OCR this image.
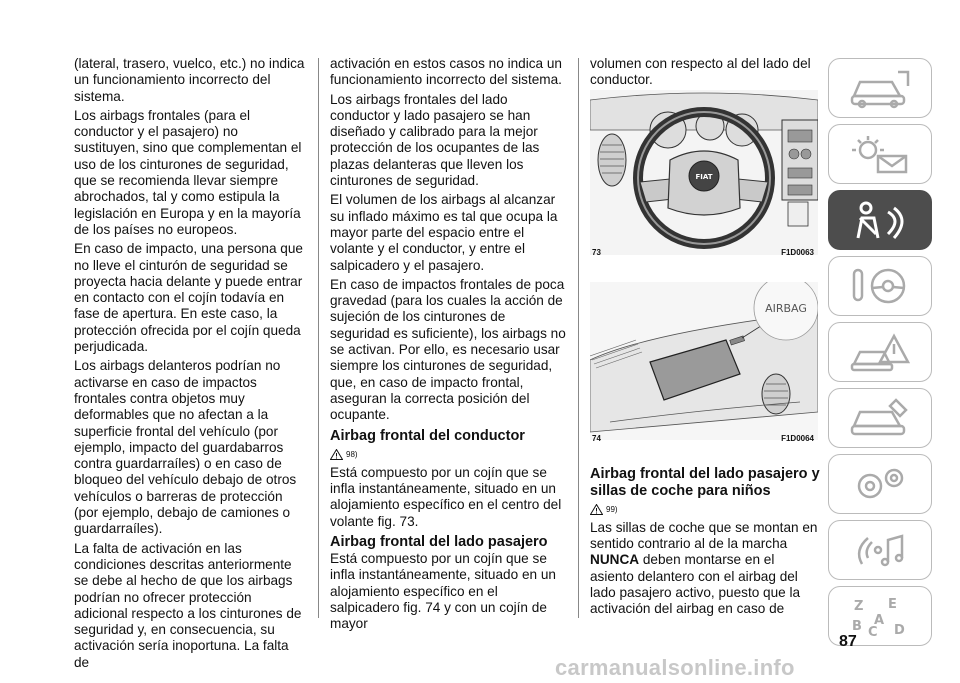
(lateral, trasero, vuelco, etc.) no indica un funcionamiento incorrecto del sistema.

Los airbags frontales (para el conductor y el pasajero) no sustituyen, sino que complementan el uso de los cinturones de seguridad, que se recomienda llevar siempre abrochados, tal y como estipula la legislación en Europa y en la mayoría de los países no europeos.

En caso de impacto, una persona que no lleve el cinturón de seguridad se proyecta hacia delante y puede entrar en contacto con el cojín todavía en fase de apertura. En este caso, la protección ofrecida por el cojín queda perjudicada.

Los airbags delanteros podrían no activarse en caso de impactos frontales contra objetos muy deformables que no afectan a la superficie frontal del vehículo (por ejemplo, impacto del guardabarros contra guardarraíles) o en caso de bloqueo del vehículo debajo de otros vehículos o barreras de protección (por ejemplo, debajo de camiones o guardarraíles).

La falta de activación en las condiciones descritas anteriormente se debe al hecho de que los airbags podrían no ofrecer protección adicional respecto a los cinturones de seguridad y, en consecuencia, su activación sería inoportuna. La falta de

activación en estos casos no indica un funcionamiento incorrecto del sistema.

Los airbags frontales del lado conductor y lado pasajero se han diseñado y calibrado para la mejor protección de los ocupantes de las plazas delanteras que lleven los cinturones de seguridad.

El volumen de los airbags al alcanzar su inflado máximo es tal que ocupa la mayor parte del espacio entre el volante y el conductor, y entre el salpicadero y el pasajero.

En caso de impactos frontales de poca gravedad (para los cuales la acción de sujeción de los cinturones de seguridad es suficiente), los airbags no se activan. Por ello, es necesario usar siempre los cinturones de seguridad, que, en caso de impacto frontal, aseguran la correcta posición del ocupante.

Airbag frontal del conductor
98)

Está compuesto por un cojín que se infla instantáneamente, situado en un alojamiento específico en el centro del volante fig. 73.

Airbag frontal del lado pasajero

Está compuesto por un cojín que se infla instantáneamente, situado en un alojamiento específico en el salpicadero fig. 74 y con un cojín de mayor

volumen con respecto al del lado del conductor.

Airbag frontal del lado pasajero y sillas de coche para niños
99)

Las sillas de coche que se montan en sentido contrario al de la marcha NUNCA deben montarse en el asiento delantero con el airbag del lado pasajero activo, puesto que la activación del airbag en caso de

FIAT
73	F1D0063
AIRBAG
74	F1D0064
Z E
B A
D
C
87
carmanualsonline.info
